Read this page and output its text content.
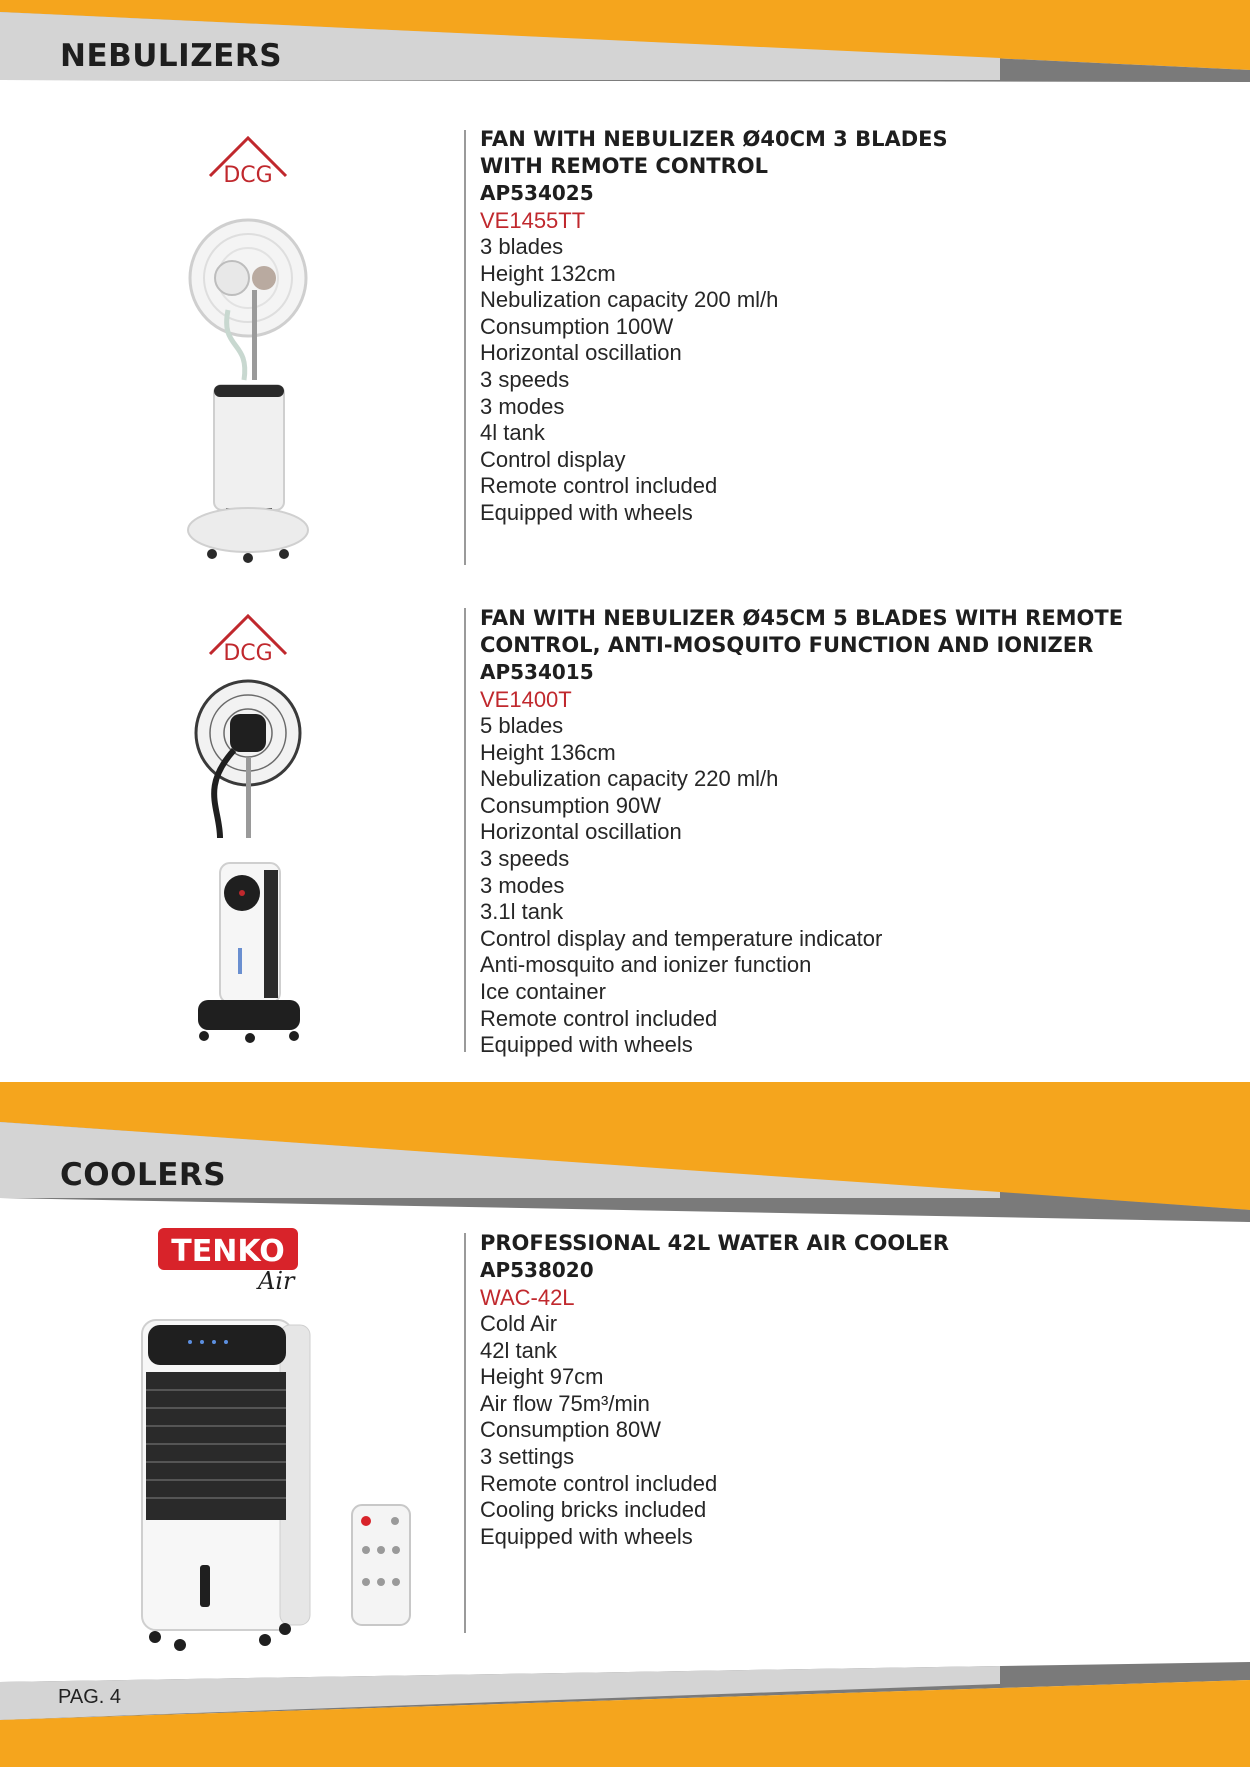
NEBULIZERS
DCG
FAN WITH NEBULIZER Ø40CM 3 BLADES
WITH REMOTE CONTROL
AP534025
VE1455TT
3 blades
Height 132cm
Nebulization capacity 200 ml/h
Consumption 100W
Horizontal oscillation
3 speeds
3 modes
4l tank
Control display
Remote control included
Equipped with wheels
DCG
FAN WITH NEBULIZER Ø45CM 5 BLADES WITH REMOTE
CONTROL, ANTI-MOSQUITO FUNCTION AND IONIZER
AP534015
VE1400T
5 blades
Height 136cm
Nebulization capacity 220 ml/h
Consumption 90W
Horizontal oscillation
3 speeds
3 modes
3.1l tank
Control display and temperature indicator
Anti-mosquito and ionizer function
Ice container
Remote control included
Equipped with wheels
COOLERS
TENKO
Air
PROFESSIONAL 42L WATER AIR COOLER
AP538020
WAC-42L
Cold Air
42l tank
Height 97cm
Air flow 75m³/min
Consumption 80W
3 settings
Remote control included
Cooling bricks included
Equipped with wheels
PAG. 4
